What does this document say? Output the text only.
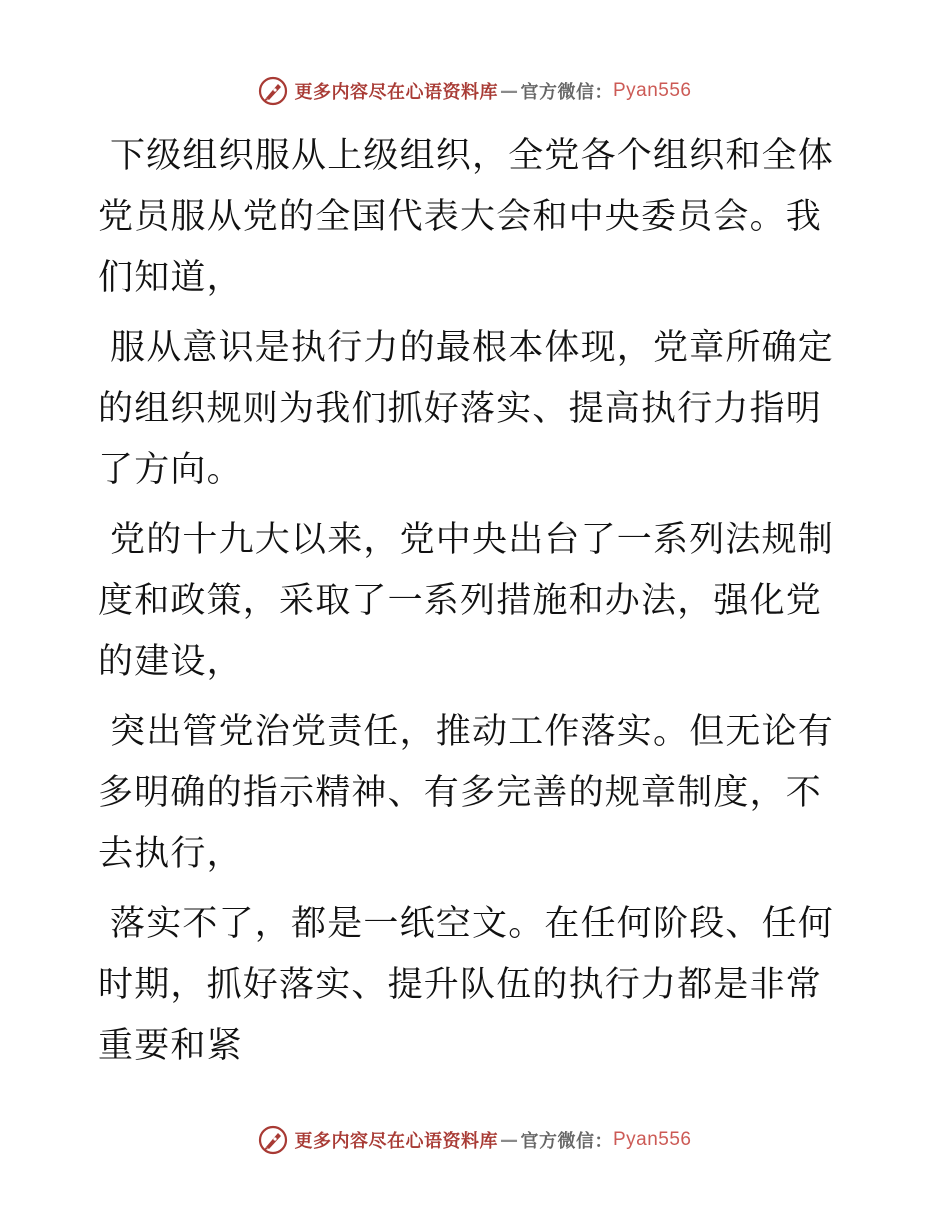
更多内容尽在心语资料库 — 官方微信： Pyan556

下级组织服从上级组织，全党各个组织和全体党员服从党的全国代表大会和中央委员会。我们知道，

服从意识是执行力的最根本体现，党章所确定的组织规则为我们抓好落实、提高执行力指明了方向。

党的十九大以来，党中央出台了一系列法规制度和政策，采取了一系列措施和办法，强化党的建设，

突出管党治党责任，推动工作落实。但无论有多明确的指示精神、有多完善的规章制度，不去执行，

落实不了，都是一纸空文。在任何阶段、任何时期，抓好落实、提升队伍的执行力都是非常重要和紧

更多内容尽在心语资料库 — 官方微信： Pyan556
